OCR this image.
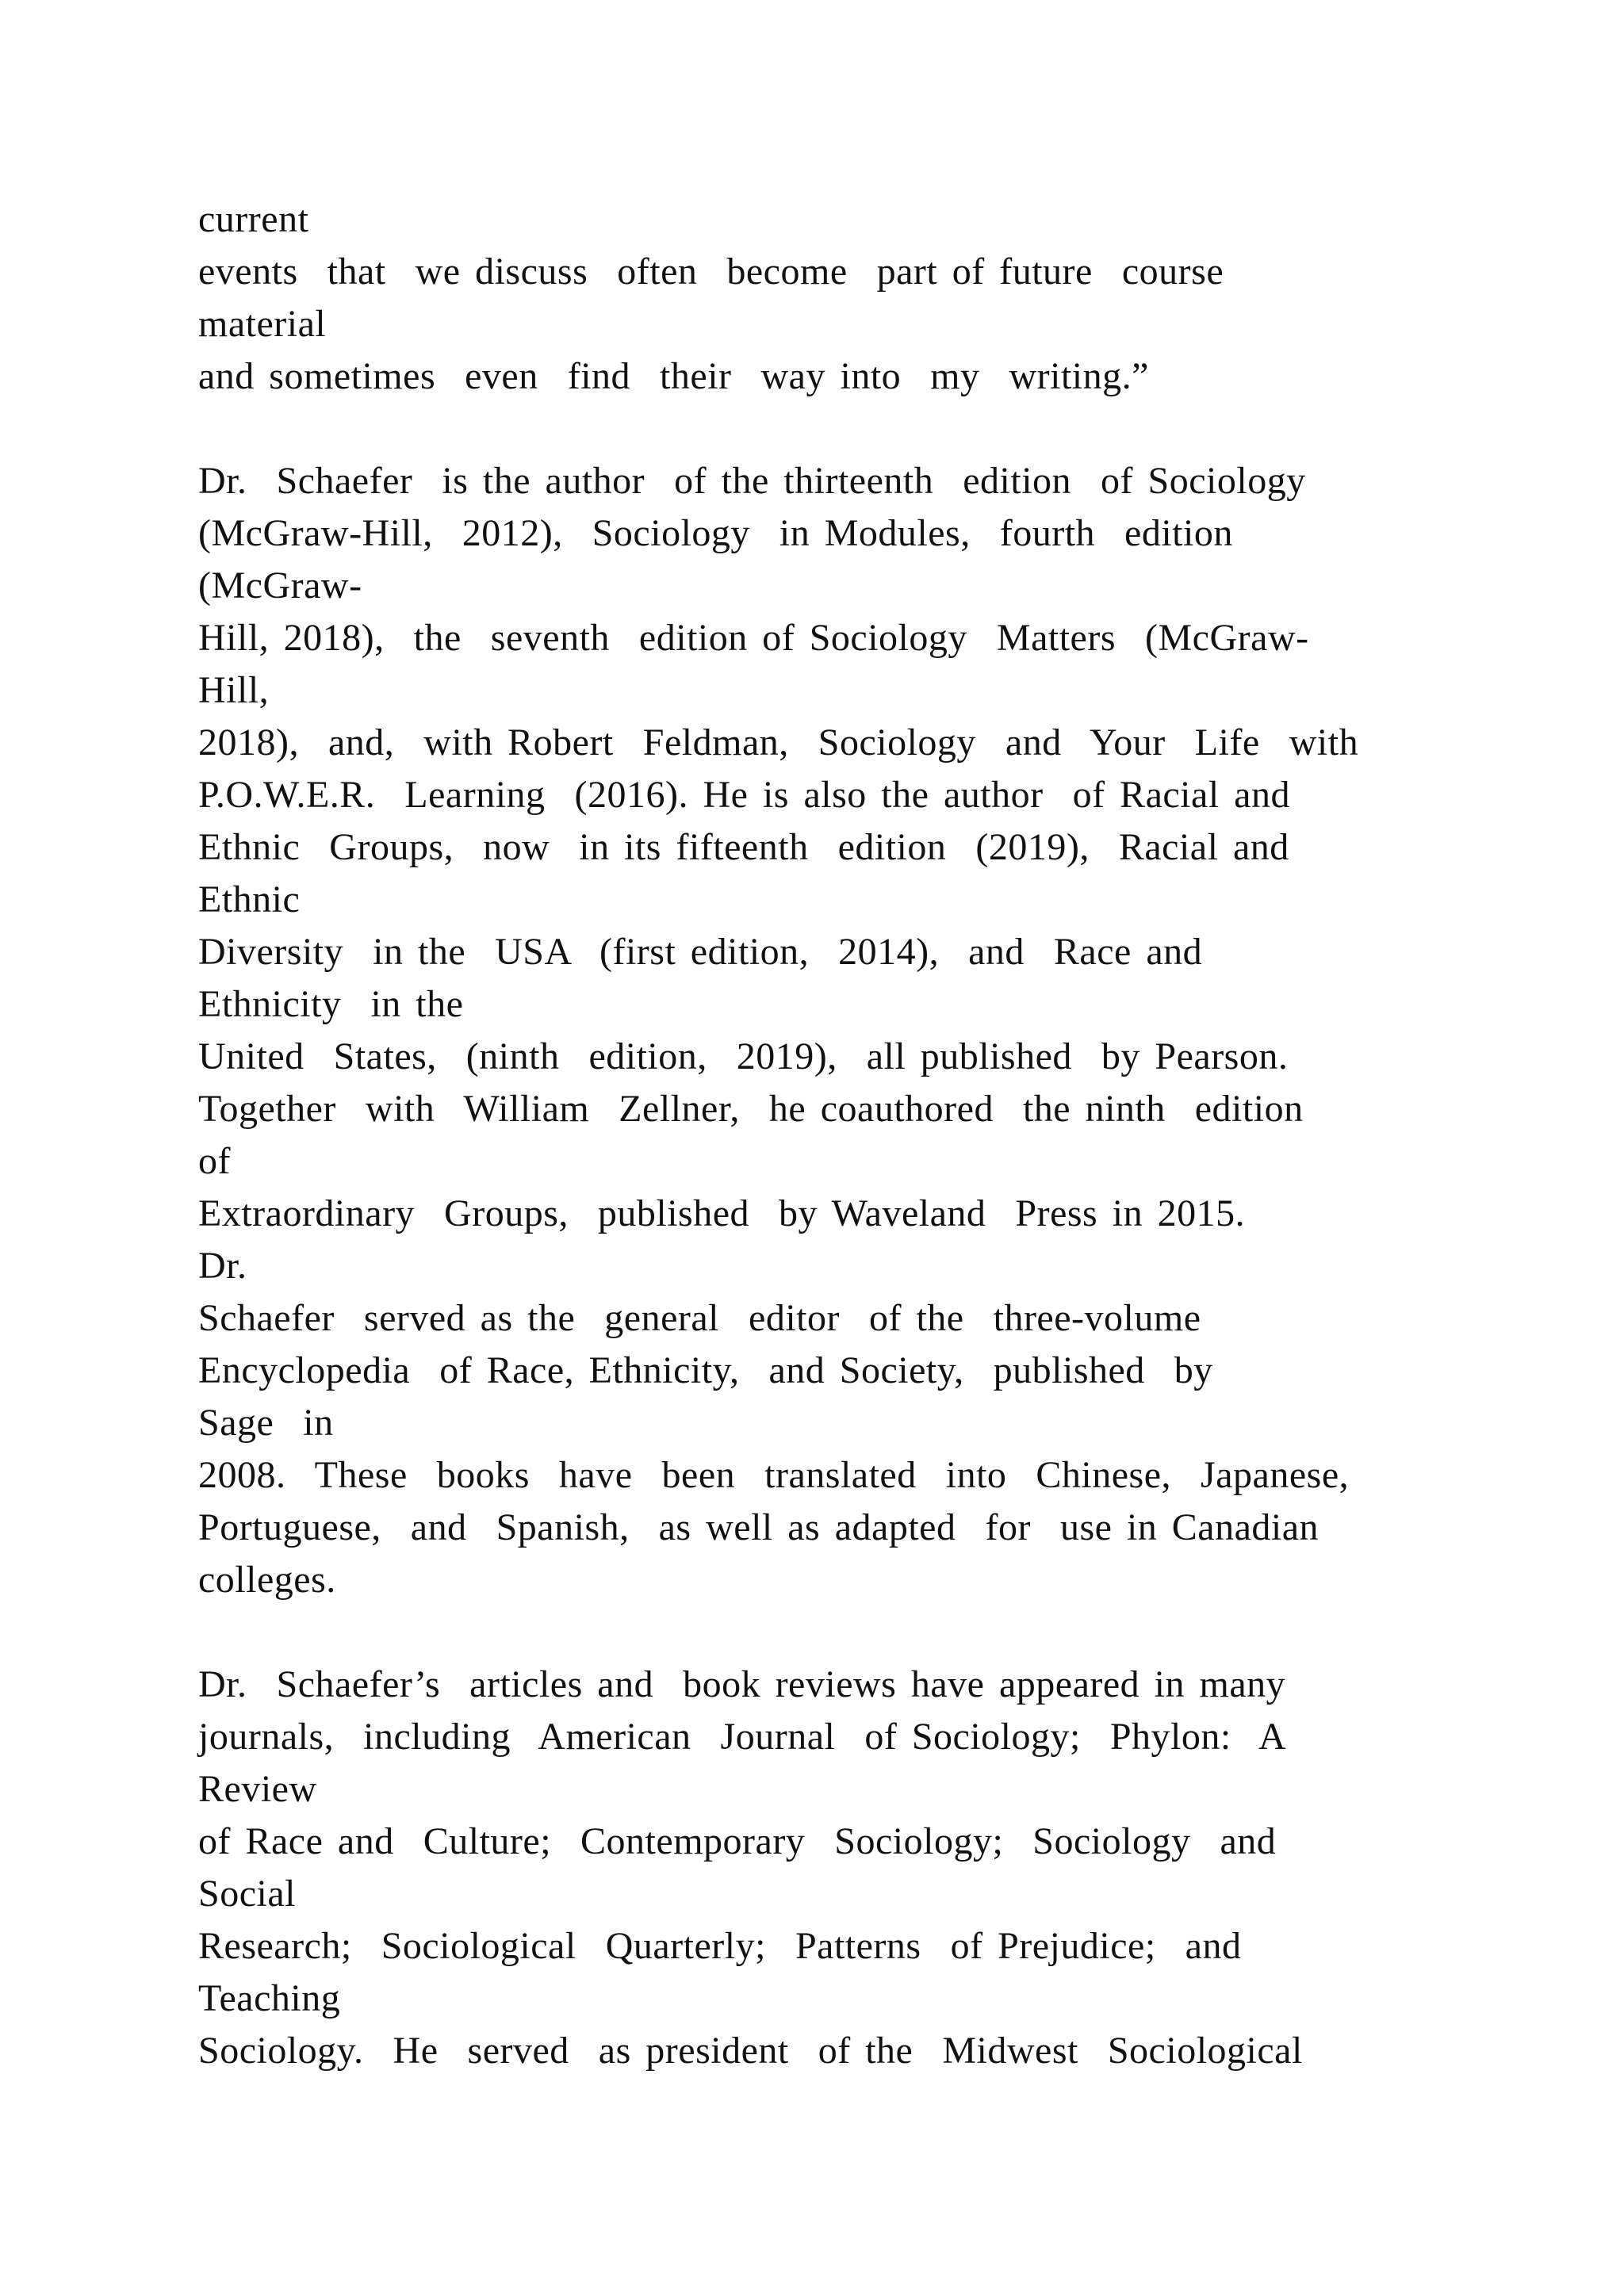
current
events  that  we discuss  often  become  part of future  course
material
and sometimes  even  find  their  way into  my  writing.”
Dr.  Schaefer  is the author  of the thirteenth  edition  of Sociology
(McGraw-Hill,  2012),  Sociology  in Modules,  fourth  edition
(McGraw-
Hill, 2018),  the  seventh  edition of Sociology  Matters  (McGraw-
Hill,
2018),  and,  with Robert  Feldman,  Sociology  and  Your  Life  with
P.O.W.E.R.  Learning  (2016). He is also the author  of Racial and
Ethnic  Groups,  now  in its fifteenth  edition  (2019),  Racial and
Ethnic
Diversity  in the  USA  (first edition,  2014),  and  Race and
Ethnicity  in the
United  States,  (ninth  edition,  2019),  all published  by Pearson.
Together  with  William  Zellner,  he coauthored  the ninth  edition
of
Extraordinary  Groups,  published  by Waveland  Press in 2015.
Dr.
Schaefer  served as the  general  editor  of the  three-volume
Encyclopedia  of Race, Ethnicity,  and Society,  published  by
Sage  in
2008.  These  books  have  been  translated  into  Chinese,  Japanese,
Portuguese,  and  Spanish,  as well as adapted  for  use in Canadian
colleges.
Dr.  Schaefer’s  articles and  book reviews have appeared in many
journals,  including  American  Journal  of Sociology;  Phylon:  A
Review
of Race and  Culture;  Contemporary  Sociology;  Sociology  and
Social
Research;  Sociological  Quarterly;  Patterns  of Prejudice;  and
Teaching
Sociology.  He  served  as president  of the  Midwest  Sociological
